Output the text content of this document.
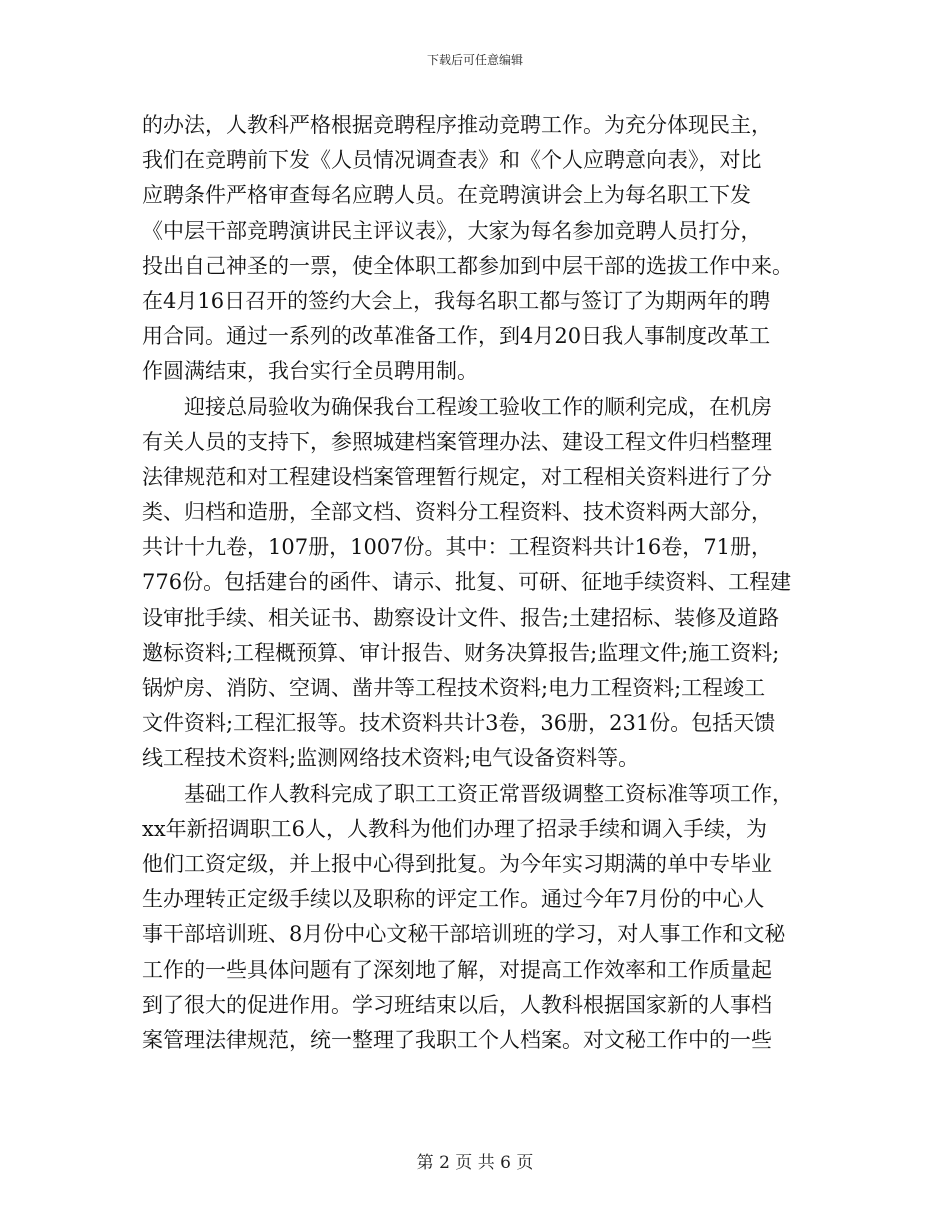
下载后可任意编辑
的办法，人教科严格根据竞聘程序推动竞聘工作。为充分体现民主，
我们在竞聘前下发《人员情况调查表》和《个人应聘意向表》，对比
应聘条件严格审查每名应聘人员。在竞聘演讲会上为每名职工下发
《中层干部竞聘演讲民主评议表》，大家为每名参加竞聘人员打分，
投出自己神圣的一票，使全体职工都参加到中层干部的选拔工作中来。
在4月16日召开的签约大会上，我每名职工都与签订了为期两年的聘
用合同。通过一系列的改革准备工作，到4月20日我人事制度改革工
作圆满结束，我台实行全员聘用制。
迎接总局验收为确保我台工程竣工验收工作的顺利完成，在机房
有关人员的支持下，参照城建档案管理办法、建设工程文件归档整理
法律规范和对工程建设档案管理暂行规定，对工程相关资料进行了分
类、归档和造册，全部文档、资料分工程资料、技术资料两大部分，
共计十九卷，107册，1007份。其中：工程资料共计16卷，71册，
776份。包括建台的函件、请示、批复、可研、征地手续资料、工程建
设审批手续、相关证书、勘察设计文件、报告;土建招标、装修及道路
邀标资料;工程概预算、审计报告、财务决算报告;监理文件;施工资料;
锅炉房、消防、空调、凿井等工程技术资料;电力工程资料;工程竣工
文件资料;工程汇报等。技术资料共计3卷，36册，231份。包括天馈
线工程技术资料;监测网络技术资料;电气设备资料等。
基础工作人教科完成了职工工资正常晋级调整工资标准等项工作，
xx年新招调职工6人，人教科为他们办理了招录手续和调入手续，为
他们工资定级，并上报中心得到批复。为今年实习期满的单中专毕业
生办理转正定级手续以及职称的评定工作。通过今年7月份的中心人
事干部培训班、8月份中心文秘干部培训班的学习，对人事工作和文秘
工作的一些具体问题有了深刻地了解，对提高工作效率和工作质量起
到了很大的促进作用。学习班结束以后，人教科根据国家新的人事档
案管理法律规范，统一整理了我职工个人档案。对文秘工作中的一些
第 2 页 共 6 页
